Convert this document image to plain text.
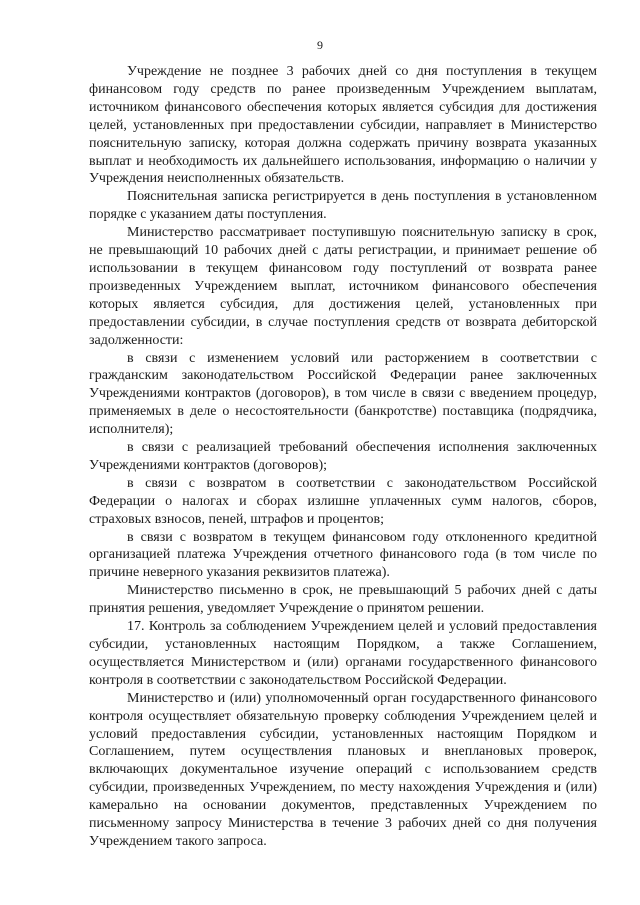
9

Учреждение не позднее 3 рабочих дней со дня поступления в текущем финансовом году средств по ранее произведенным Учреждением выплатам, источником финансового обеспечения которых является субсидия для достижения целей, установленных при предоставлении субсидии, направляет в Министерство пояснительную записку, которая должна содержать причину возврата указанных выплат и необходимость их дальнейшего использования, информацию о наличии у Учреждения неисполненных обязательств.

Пояснительная записка регистрируется в день поступления в установленном порядке с указанием даты поступления.

Министерство рассматривает поступившую пояснительную записку в срок, не превышающий 10 рабочих дней с даты регистрации, и принимает решение об использовании в текущем финансовом году поступлений от возврата ранее произведенных Учреждением выплат, источником финансового обеспечения которых является субсидия, для достижения целей, установленных при предоставлении субсидии, в случае поступления средств от возврата дебиторской задолженности:

в связи с изменением условий или расторжением в соответствии с гражданским законодательством Российской Федерации ранее заключенных Учреждениями контрактов (договоров), в том числе в связи с введением процедур, применяемых в деле о несостоятельности (банкротстве) поставщика (подрядчика, исполнителя);

в связи с реализацией требований обеспечения исполнения заключенных Учреждениями контрактов (договоров);

в связи с возвратом в соответствии с законодательством Российской Федерации о налогах и сборах излишне уплаченных сумм налогов, сборов, страховых взносов, пеней, штрафов и процентов;

в связи с возвратом в текущем финансовом году отклоненного кредитной организацией платежа Учреждения отчетного финансового года (в том числе по причине неверного указания реквизитов платежа).

Министерство письменно в срок, не превышающий 5 рабочих дней с даты принятия решения, уведомляет Учреждение о принятом решении.

17. Контроль за соблюдением Учреждением целей и условий предоставления субсидии, установленных настоящим Порядком, а также Соглашением, осуществляется Министерством и (или) органами государственного финансового контроля в соответствии с законодательством Российской Федерации.

Министерство и (или) уполномоченный орган государственного финансового контроля осуществляет обязательную проверку соблюдения Учреждением целей и условий предоставления субсидии, установленных настоящим Порядком и Соглашением, путем осуществления плановых и внеплановых проверок, включающих документальное изучение операций с использованием средств субсидии, произведенных Учреждением, по месту нахождения Учреждения и (или) камерально на основании документов, представленных Учреждением по письменному запросу Министерства в течение 3 рабочих дней со дня получения Учреждением такого запроса.
